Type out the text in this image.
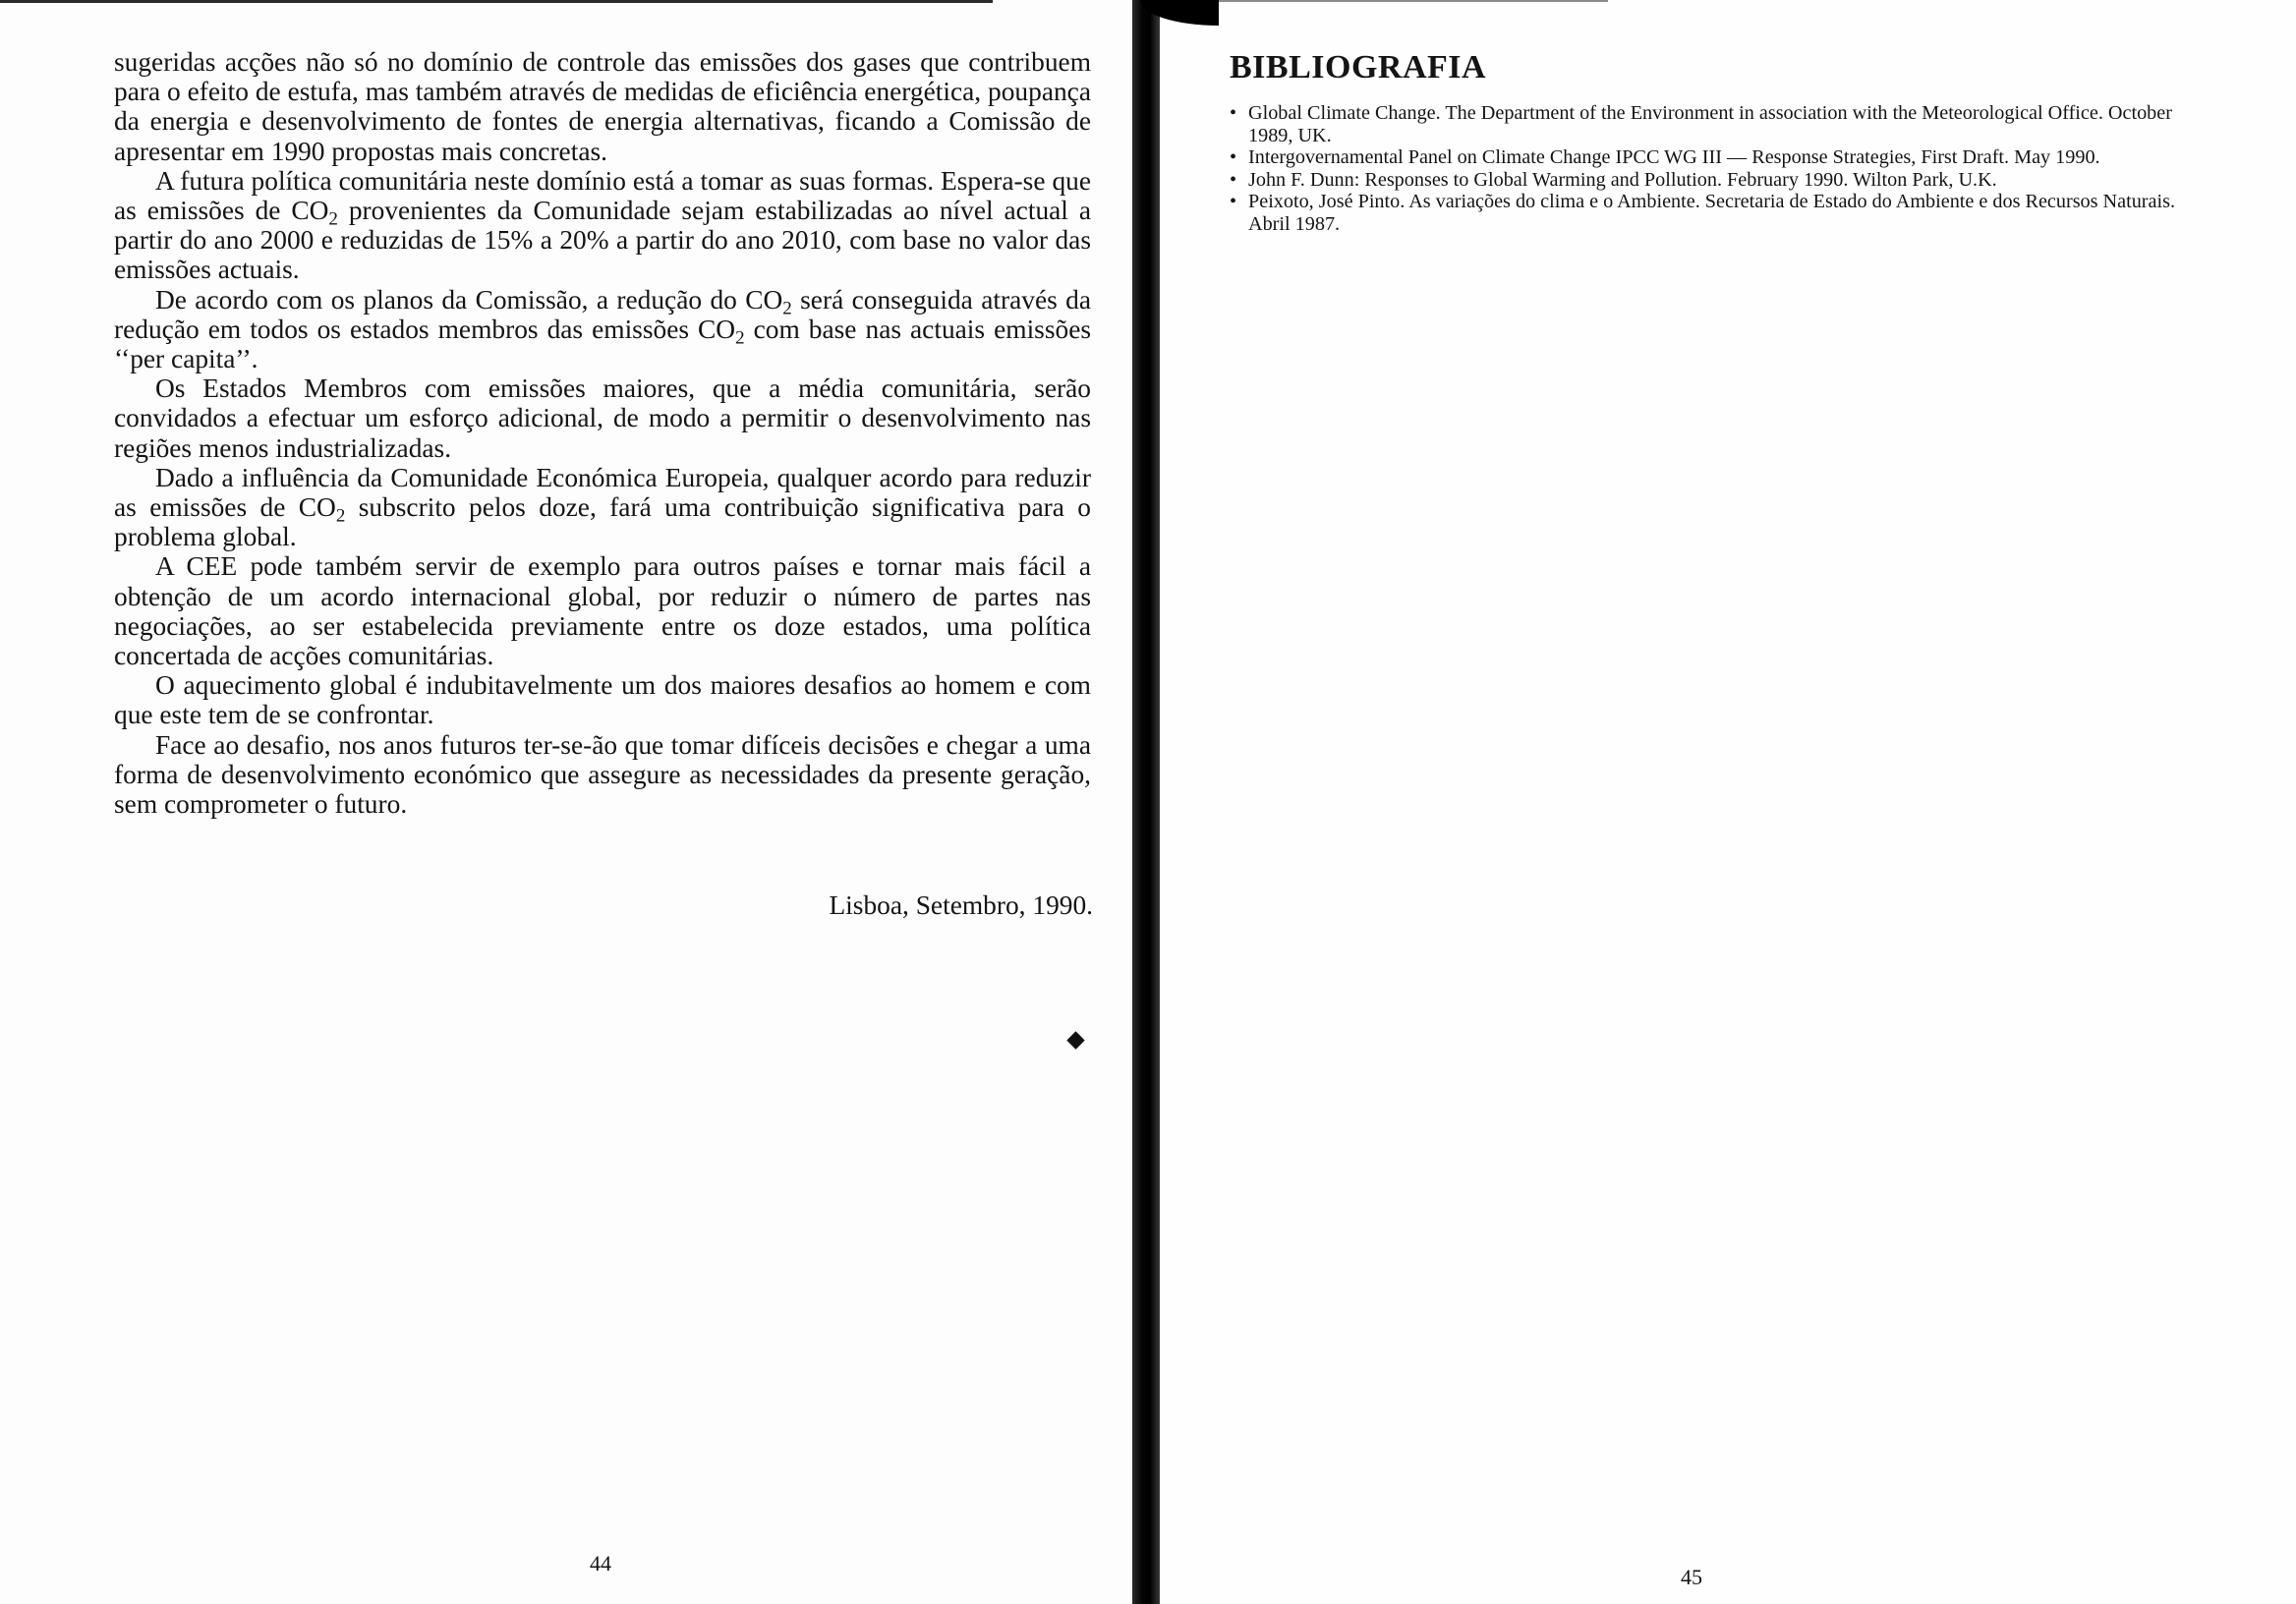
sugeridas acções não só no domínio de controle das emissões dos gases que contribuem para o efeito de estufa, mas também através de medidas de eficiência energética, poupança da energia e desenvolvimento de fontes de energia alternativas, ficando a Comissão de apresentar em 1990 propostas mais concretas.

A futura política comunitária neste domínio está a tomar as suas formas. Espera-se que as emissões de $CO_2$ provenientes da Comunidade sejam estabilizadas ao nível actual a partir do ano 2000 e reduzidas de 15% a 20% a partir do ano 2010, com base no valor das emissões actuais.

De acordo com os planos da Comissão, a redução do $CO_2$ será conseguida através da redução em todos os estados membros das emissões $CO_2$ com base nas actuais emissões ‘‘per capita’’.

Os Estados Membros com emissões maiores, que a média comunitária, serão convidados a efectuar um esforço adicional, de modo a permitir o desenvolvimento nas regiões menos industrializadas.

Dado a influência da Comunidade Económica Europeia, qualquer acordo para reduzir as emissões de $CO_2$ subscrito pelos doze, fará uma contribuição significativa para o problema global.

A CEE pode também servir de exemplo para outros países e tornar mais fácil a obtenção de um acordo internacional global, por reduzir o número de partes nas negociações, ao ser estabelecida previamente entre os doze estados, uma política concertada de acções comunitárias.

O aquecimento global é indubitavelmente um dos maiores desafios ao homem e com que este tem de se confrontar.

Face ao desafio, nos anos futuros ter-se-ão que tomar difíceis decisões e chegar a uma forma de desenvolvimento económico que assegure as necessidades da presente geração, sem comprometer o futuro.

Lisboa, Setembro, 1990.
44
BIBLIOGRAFIA
• Global Climate Change. The Department of the Environment in association with the Meteorological Office. October 1989, UK.
• Intergovernamental Panel on Climate Change IPCC WG III — Response Strategies, First Draft. May 1990.
• John F. Dunn: Responses to Global Warming and Pollution. February 1990. Wilton Park, U.K.
• Peixoto, José Pinto. As variações do clima e o Ambiente. Secretaria de Estado do Ambiente e dos Recursos Naturais. Abril 1987.
45
